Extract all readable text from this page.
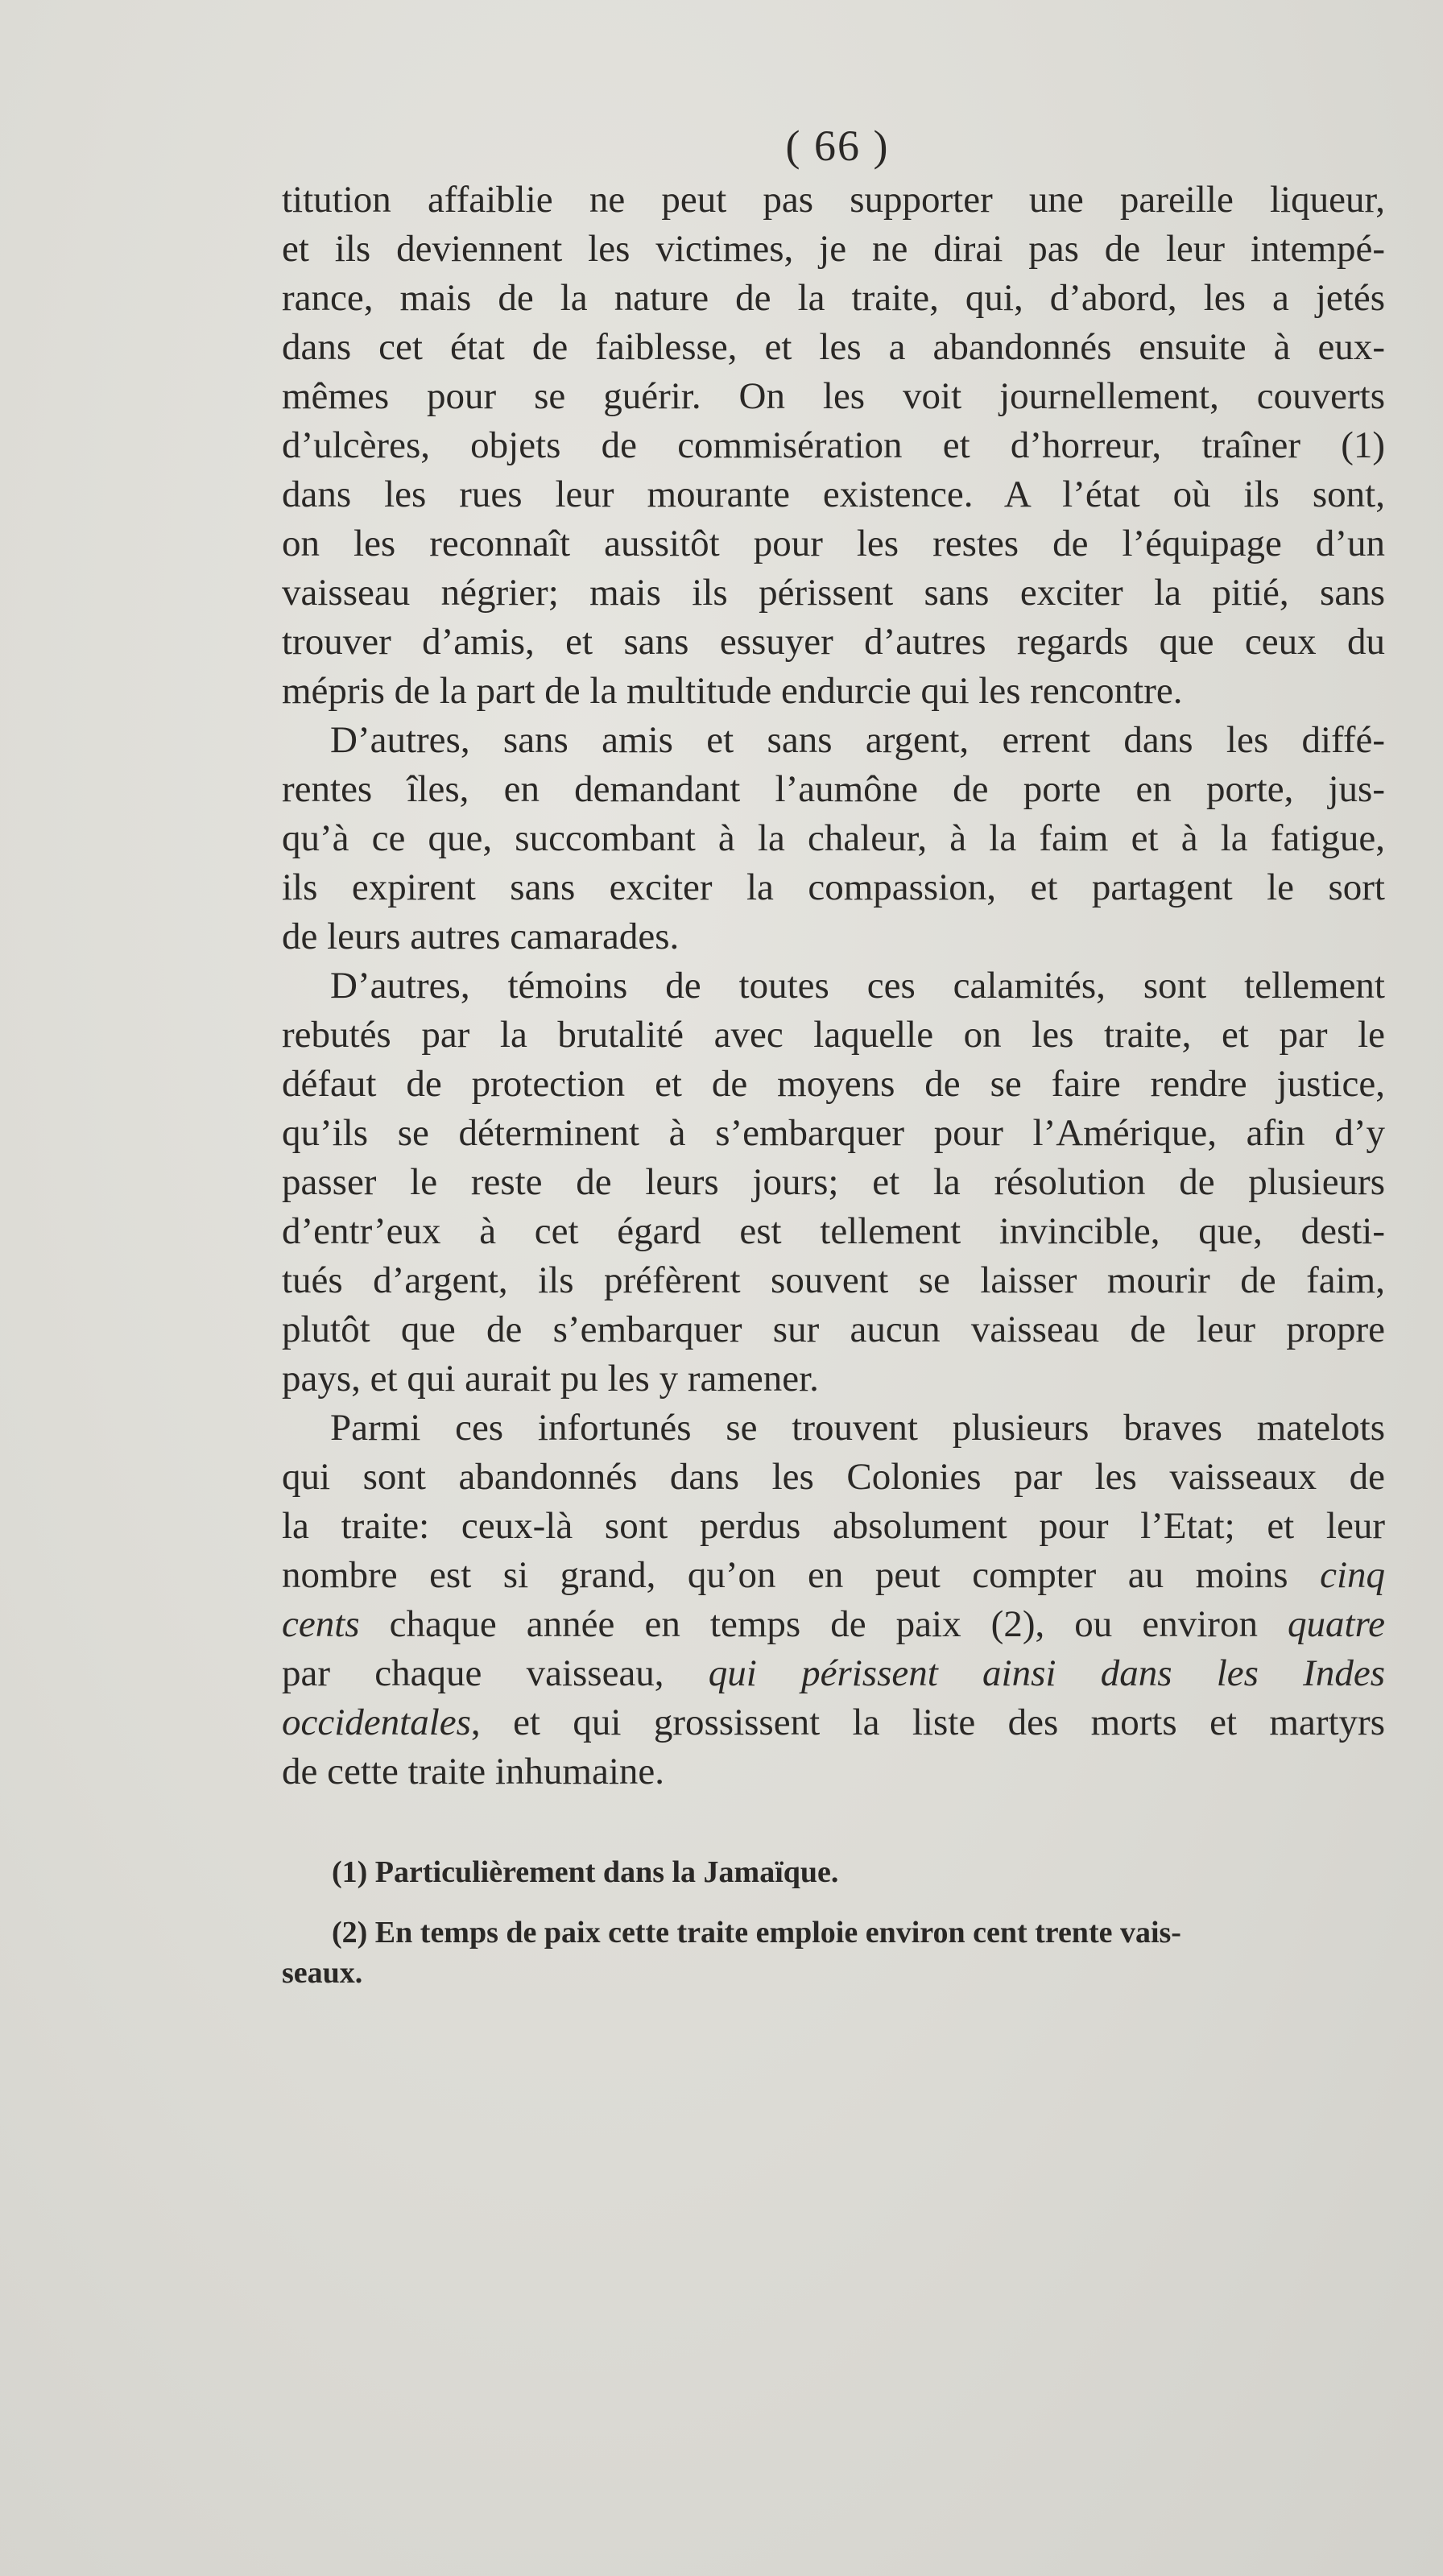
( 66 )
titution affaiblie ne peut pas supporter une pareille liqueur,
et ils deviennent les victimes, je ne dirai pas de leur intempé-
rance, mais de la nature de la traite, qui, d’abord, les a jetés
dans cet état de faiblesse, et les a abandonnés ensuite à eux-
mêmes pour se guérir. On les voit journellement, couverts
d’ulcères, objets de commisération et d’horreur, traîner (1)
dans les rues leur mourante existence. A l’état où ils sont,
on les reconnaît aussitôt pour les restes de l’équipage d’un
vaisseau négrier; mais ils périssent sans exciter la pitié, sans
trouver d’amis, et sans essuyer d’autres regards que ceux du
mépris de la part de la multitude endurcie qui les rencontre.
D’autres, sans amis et sans argent, errent dans les diffé-
rentes îles, en demandant l’aumône de porte en porte, jus-
qu’à ce que, succombant à la chaleur, à la faim et à la fatigue,
ils expirent sans exciter la compassion, et partagent le sort
de leurs autres camarades.
D’autres, témoins de toutes ces calamités, sont tellement
rebutés par la brutalité avec laquelle on les traite, et par le
défaut de protection et de moyens de se faire rendre justice,
qu’ils se déterminent à s’embarquer pour l’Amérique, afin d’y
passer le reste de leurs jours; et la résolution de plusieurs
d’entr’eux à cet égard est tellement invincible, que, desti-
tués d’argent, ils préfèrent souvent se laisser mourir de faim,
plutôt que de s’embarquer sur aucun vaisseau de leur propre
pays, et qui aurait pu les y ramener.
Parmi ces infortunés se trouvent plusieurs braves matelots
qui sont abandonnés dans les Colonies par les vaisseaux de
la traite: ceux-là sont perdus absolument pour l’Etat; et leur
nombre est si grand, qu’on en peut compter au moins cinq
cents chaque année en temps de paix (2), ou environ quatre
par chaque vaisseau, qui périssent ainsi dans les Indes
occidentales, et qui grossissent la liste des morts et martyrs
de cette traite inhumaine.
(1) Particulièrement dans la Jamaïque.
(2) En temps de paix cette traite emploie environ cent trente vais-
seaux.
